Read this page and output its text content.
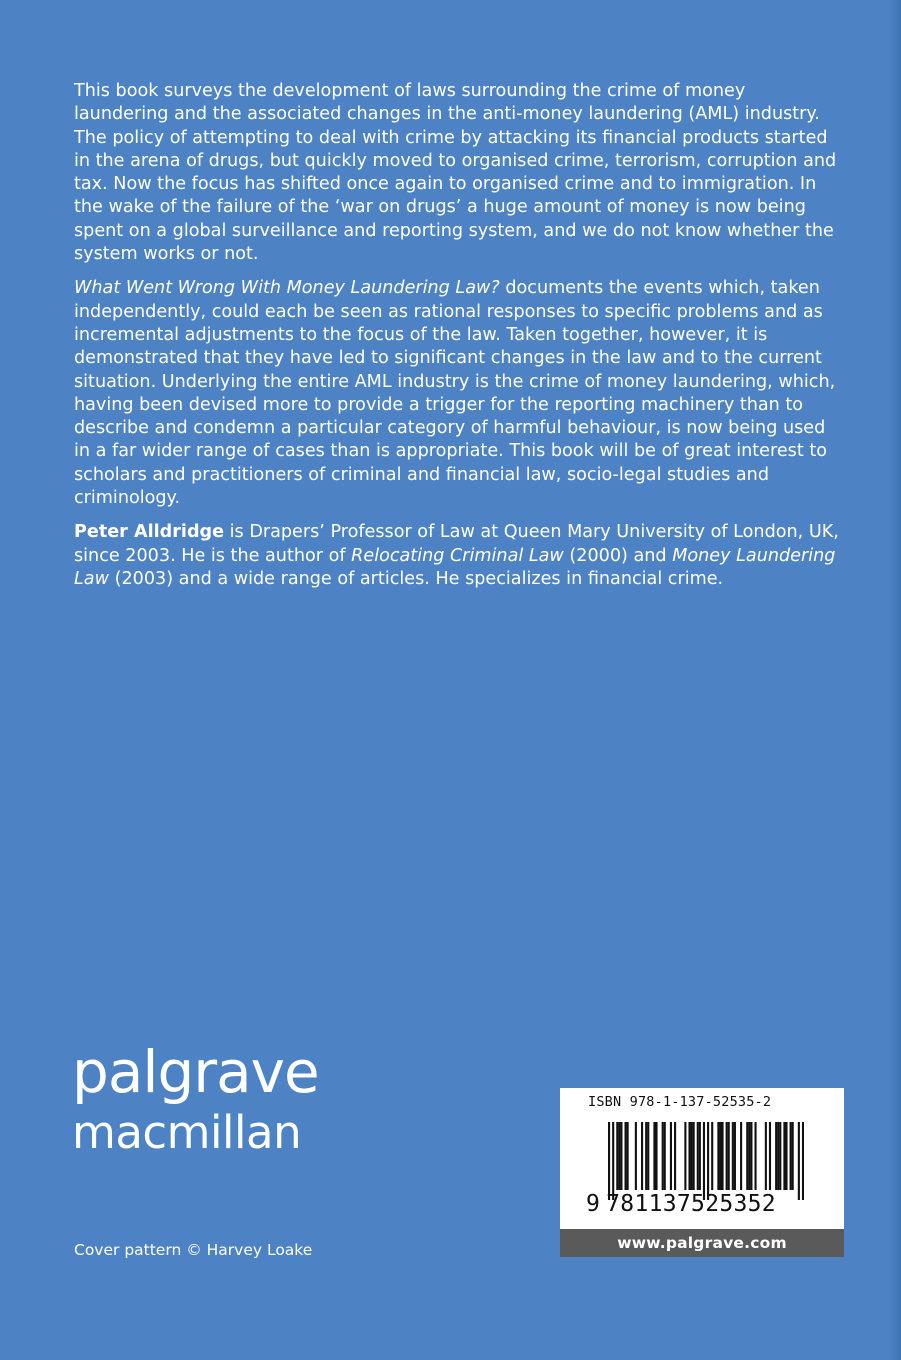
This book surveys the development of laws surrounding the crime of money laundering and the associated changes in the anti-money laundering (AML) industry. The policy of attempting to deal with crime by attacking its financial products started in the arena of drugs, but quickly moved to organised crime, terrorism, corruption and tax. Now the focus has shifted once again to organised crime and to immigration. In the wake of the failure of the ‘war on drugs’ a huge amount of money is now being spent on a global surveillance and reporting system, and we do not know whether the system works or not.

What Went Wrong With Money Laundering Law? documents the events which, taken independently, could each be seen as rational responses to specific problems and as incremental adjustments to the focus of the law. Taken together, however, it is demonstrated that they have led to significant changes in the law and to the current situation. Underlying the entire AML industry is the crime of money laundering, which, having been devised more to provide a trigger for the reporting machinery than to describe and condemn a particular category of harmful behaviour, is now being used in a far wider range of cases than is appropriate. This book will be of great interest to scholars and practitioners of criminal and financial law, socio-legal studies and criminology.

Peter Alldridge is Drapers’ Professor of Law at Queen Mary University of London, UK, since 2003. He is the author of Relocating Criminal Law (2000) and Money Laundering Law (2003) and a wide range of articles. He specializes in financial crime.

palgrave
macmillan
Cover pattern © Harvey Loake
ISBN 978-1-137-52535-2
9 781137525352
www.palgrave.com
